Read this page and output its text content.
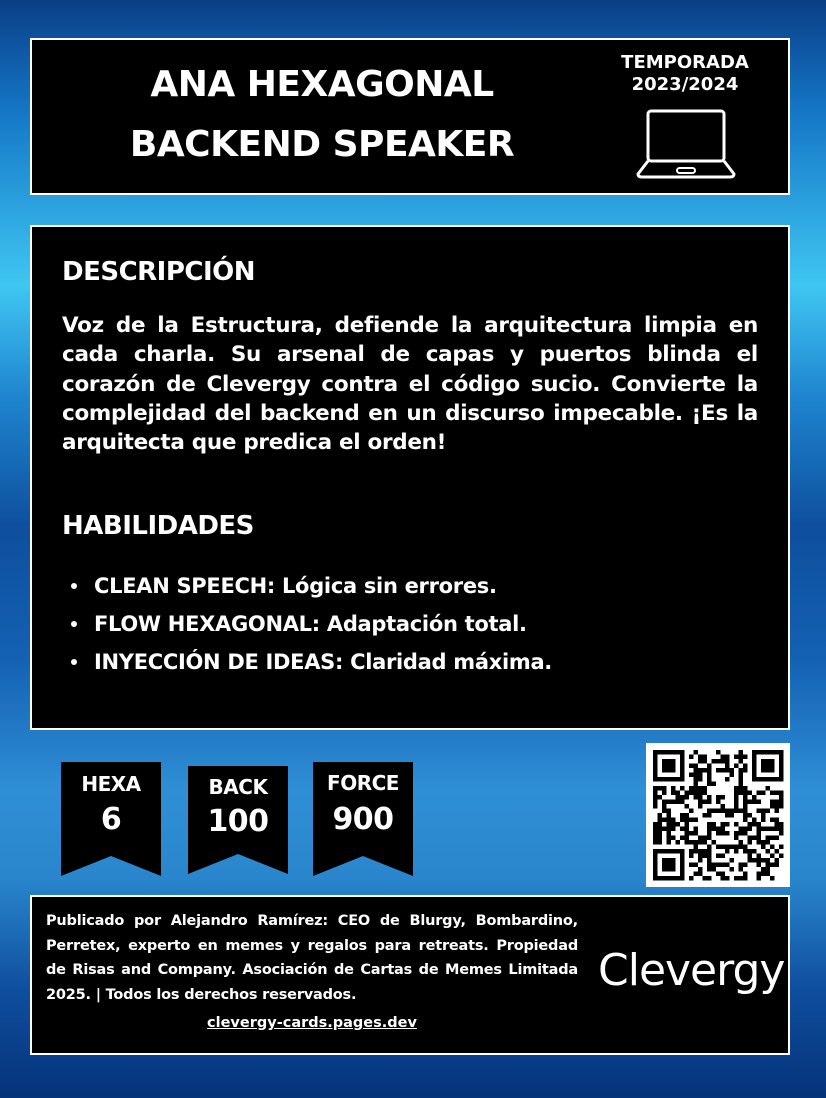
ANA HEXAGONAL
BACKEND SPEAKER
TEMPORADA
2023/2024
DESCRIPCIÓN
Voz de la Estructura, defiende la arquitectura limpia en cada charla. Su arsenal de capas y puertos blinda el corazón de Clevergy contra el código sucio. Convierte la complejidad del backend en un discurso impecable. ¡Es la arquitecta que predica el orden!
HABILIDADES
CLEAN SPEECH: Lógica sin errores.
FLOW HEXAGONAL: Adaptación total.
INYECCIÓN DE IDEAS: Claridad máxima.
HEXA
6
BACK
100
FORCE
900
Publicado por Alejandro Ramírez: CEO de Blurgy, Bombardino, Perretex, experto en memes y regalos para retreats. Propiedad de Risas and Company. Asociación de Cartas de Memes Limitada 2025. | Todos los derechos reservados.
clevergy-cards.pages.dev
Clevergy
